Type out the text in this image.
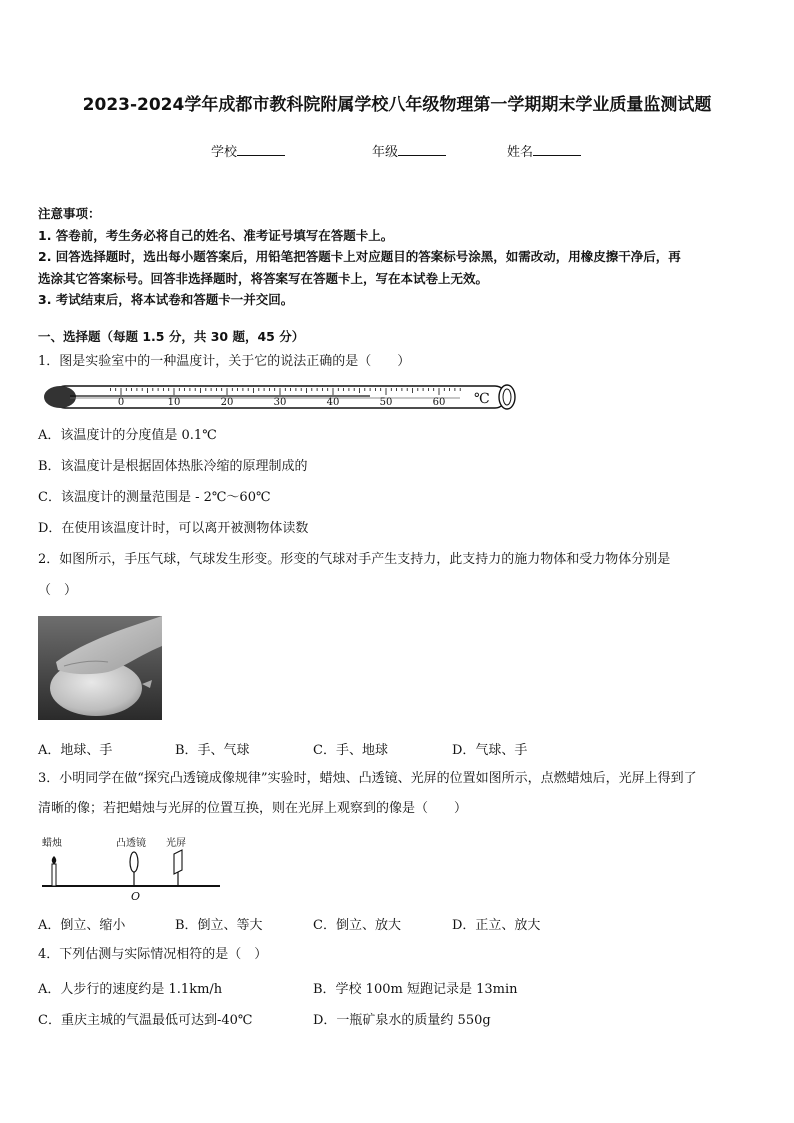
2023-2024学年成都市教科院附属学校八年级物理第一学期期末学业质量监测试题
学校	年级	姓名

注意事项：

1. 答卷前，考生务必将自己的姓名、准考证号填写在答题卡上。

2. 回答选择题时，选出每小题答案后，用铅笔把答题卡上对应题目的答案标号涂黑，如需改动，用橡皮擦干净后，再

选涂其它答案标号。回答非选择题时，将答案写在答题卡上，写在本试卷上无效。

3. 考试结束后，将本试卷和答题卡一并交回。

一、选择题（每题 1.5 分，共 30 题，45 分）
1．图是实验室中的一种温度计，关于它的说法正确的是（　　）
℃
0	10	20	30	40	50	60
A．该温度计的分度值是 0.1℃
B．该温度计是根据固体热胀冷缩的原理制成的
C．该温度计的测量范围是 - 2℃～60℃
D．在使用该温度计时，可以离开被测物体读数
2．如图所示，手压气球，气球发生形变。形变的气球对手产生支持力，此支持力的施力物体和受力物体分别是
（　）
A．地球、手	B．手、气球	C．手、地球	D．气球、手
3．小明同学在做“探究凸透镜成像规律”实验时，蜡烛、凸透镜、光屏的位置如图所示，点燃蜡烛后，光屏上得到了
清晰的像；若把蜡烛与光屏的位置互换，则在光屏上观察到的像是（　　）
蜡烛	凸透镜 光屏
O
A．倒立、缩小	B．倒立、等大	C．倒立、放大	D．正立、放大
4．下列估测与实际情况相符的是（　）
A．人步行的速度约是 1.1km/h	B．学校 100m 短跑记录是 13min
C．重庆主城的气温最低可达到-40℃	D．一瓶矿泉水的质量约 550g
